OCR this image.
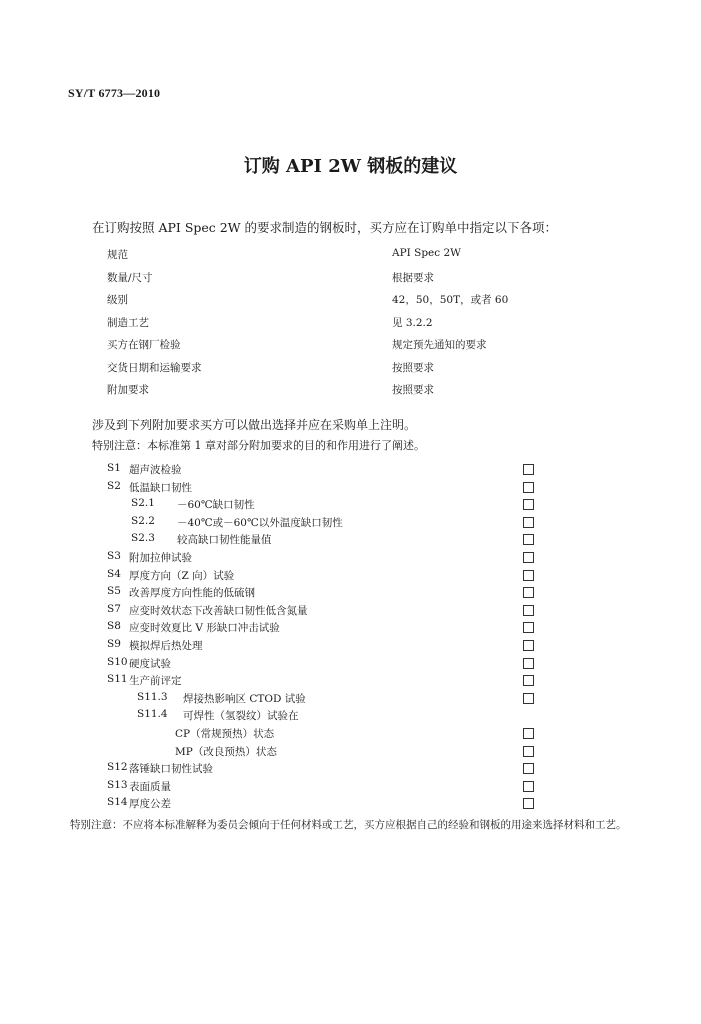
SY/T 6773—2010
订购 API 2W 钢板的建议
在订购按照 API Spec 2W 的要求制造的钢板时，买方应在订购单中指定以下各项：
规范	API Spec 2W
数量/尺寸	根据要求
级别	42，50，50T，或者 60
制造工艺	见 3.2.2
买方在钢厂检验	规定预先通知的要求
交货日期和运输要求	按照要求
附加要求	按照要求
涉及到下列附加要求买方可以做出选择并应在采购单上注明。
特别注意：本标准第 1 章对部分附加要求的目的和作用进行了阐述。
S1 超声波检验
S2 低温缺口韧性
S2.1 －60℃缺口韧性
S2.2 －40℃或－60℃以外温度缺口韧性
S2.3 较高缺口韧性能量值
S3 附加拉伸试验
S4 厚度方向（Z 向）试验
S5 改善厚度方向性能的低硫钢
S7 应变时效状态下改善缺口韧性低含氮量
S8 应变时效夏比 V 形缺口冲击试验
S9 模拟焊后热处理
S10 硬度试验
S11 生产前评定
S11.3 焊接热影响区 CTOD 试验
S11.4 可焊性（氢裂纹）试验在
CP（常规预热）状态
MP（改良预热）状态
S12 落锤缺口韧性试验
S13 表面质量
S14 厚度公差
特别注意：不应将本标准解释为委员会倾向于任何材料或工艺，买方应根据自己的经验和钢板的用途来选择材料和工艺。
